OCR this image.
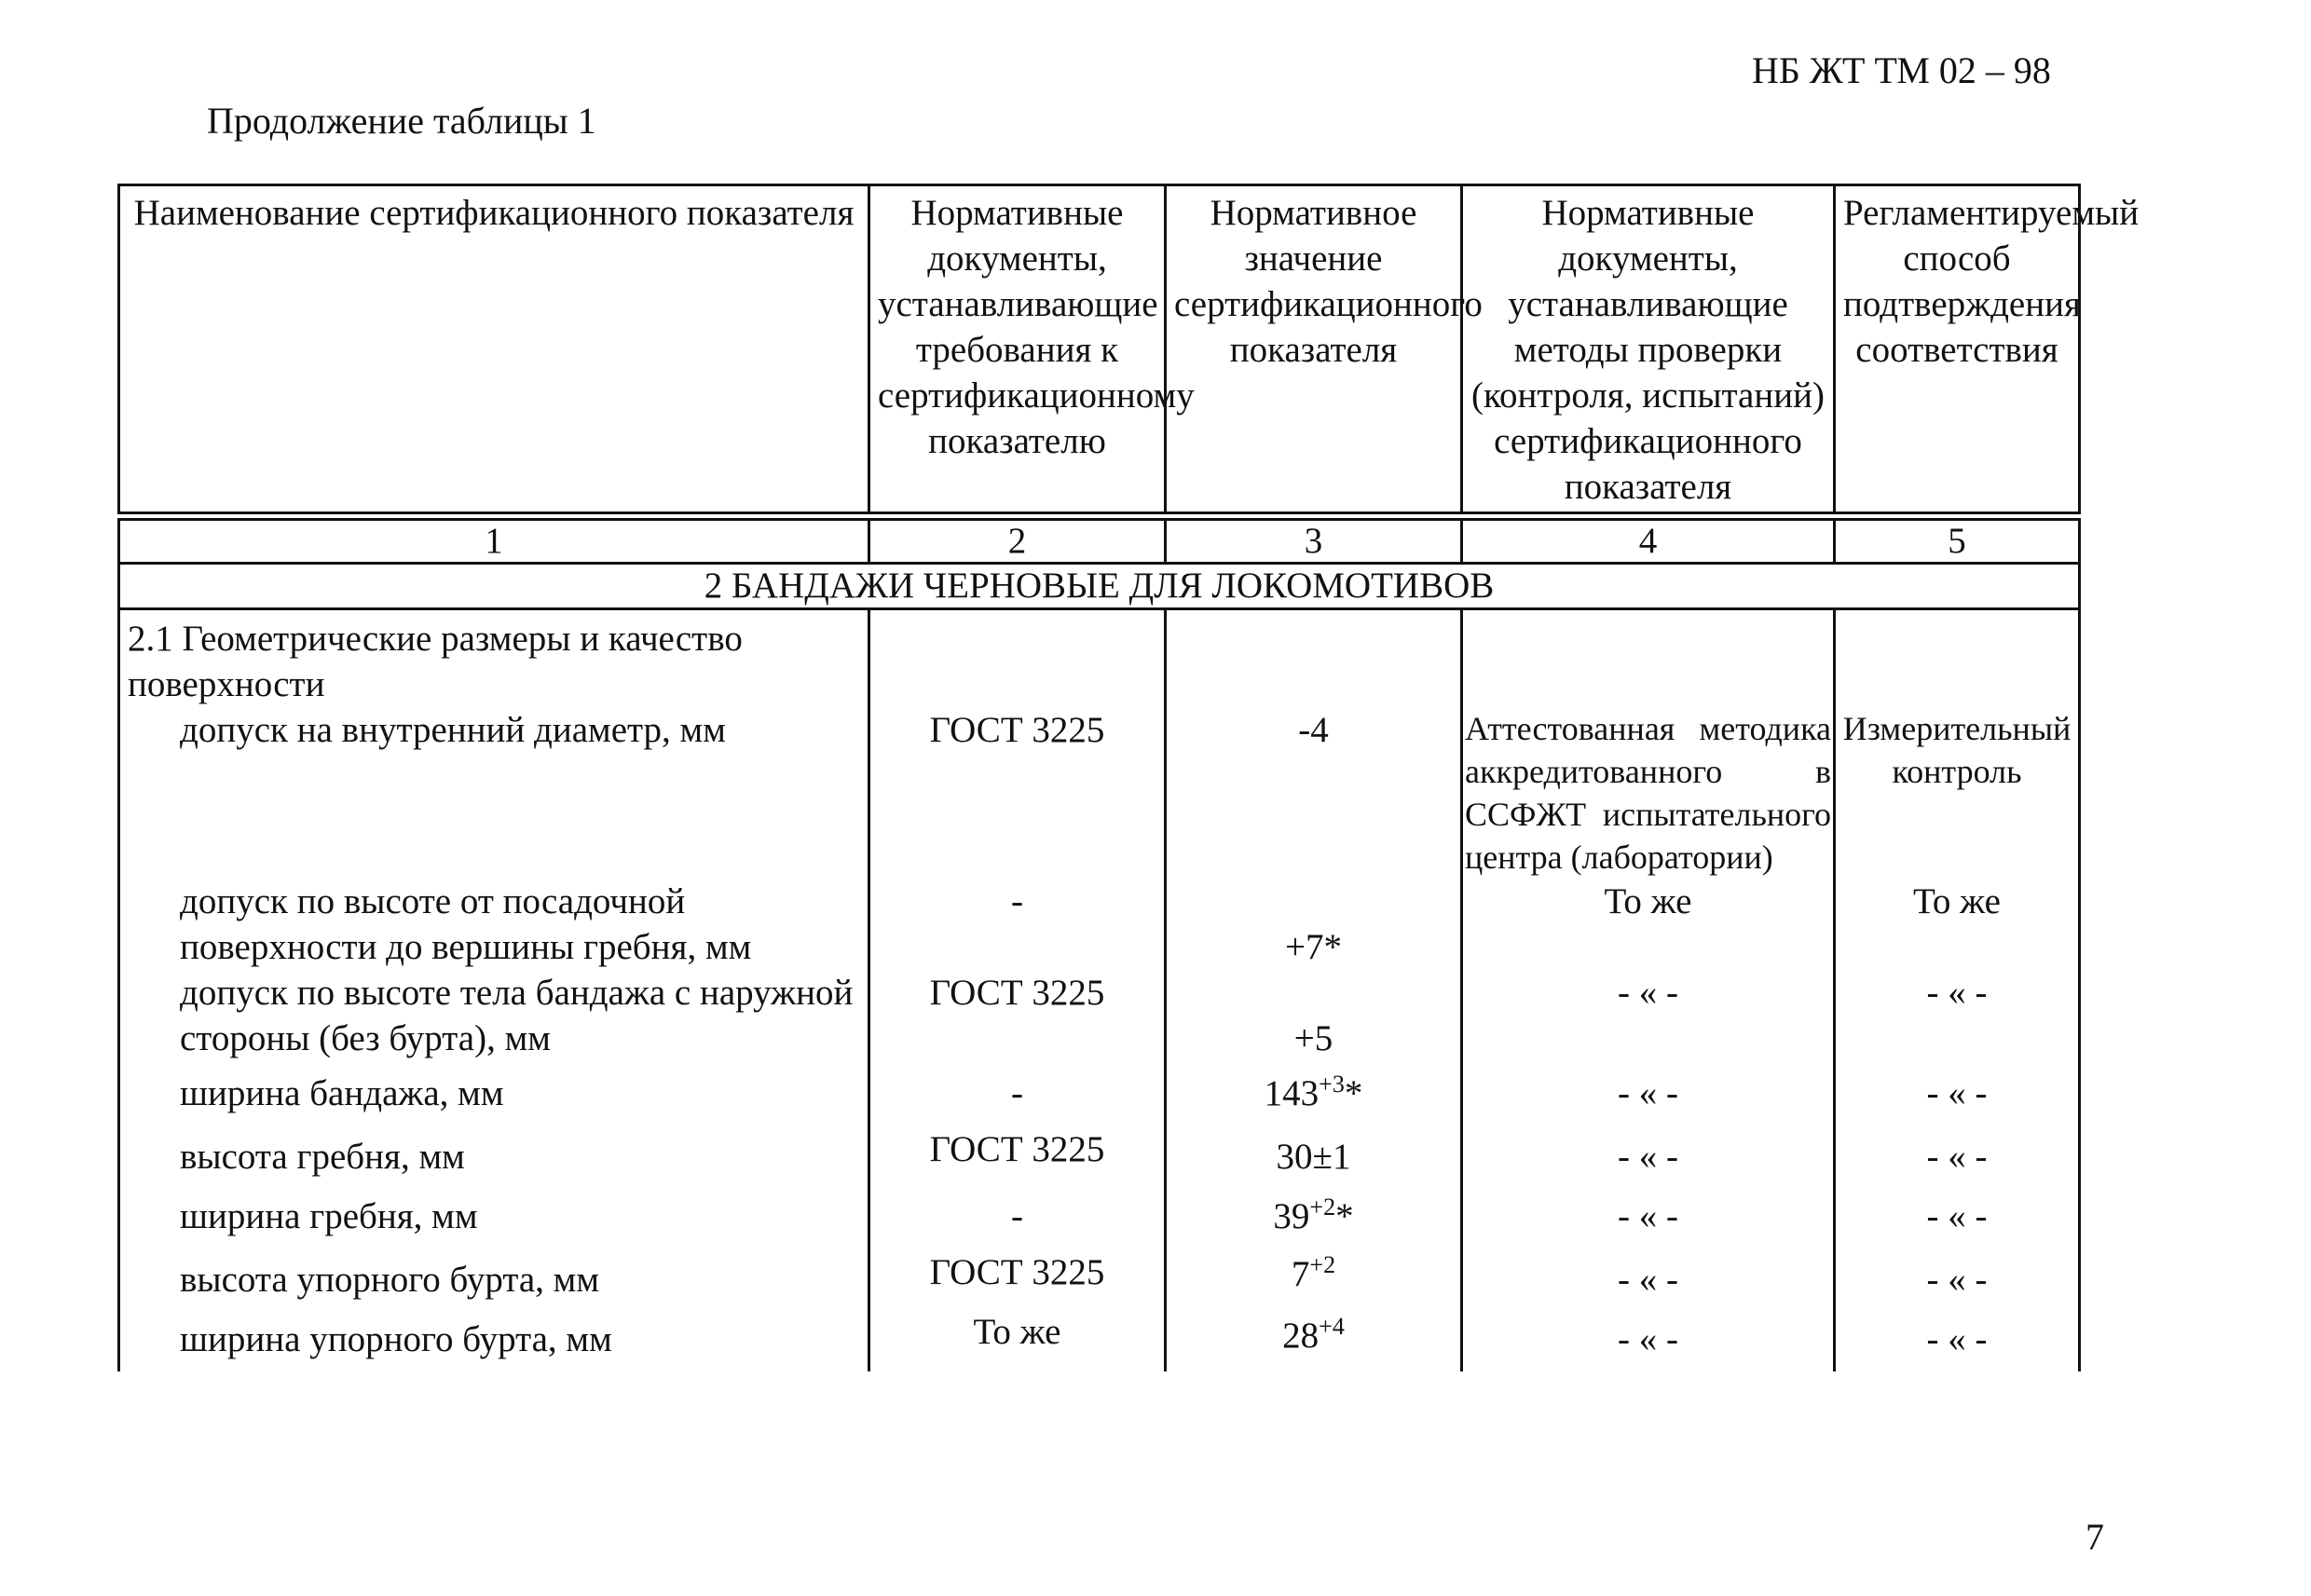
НБ ЖТ ТМ 02 – 98
Продолжение таблицы 1
Наименование сертификационного показателя	Нормативные документы, устанавливающие требования к сертификационному показателю	Нормативное значение сертификационного показателя	Нормативные документы, устанавливающие методы проверки (контроля, испытаний) сертификационного показателя	Регламентируемый способ подтверждения соответствия
1	2	3	4	5
2 БАНДАЖИ ЧЕРНОВЫЕ ДЛЯ ЛОКОМОТИВОВ				
2.1 Геометрические размеры и качество поверхности				

допуск на внутренний диаметр, мм	ГОСТ 3225	-4	Аттестованная методика аккредитованного в ССФЖТ испытательного центра (лаборатории)	Измерительный контроль

допуск по высоте от посадочной поверхности до вершины гребня, мм	-	+7*	То же	То же

допуск по высоте тела бандажа с наружной стороны (без бурта), мм	ГОСТ 3225	+5	- « -	- « -

ширина бандажа, мм	-	$143^{+3}*$	- « -	- « -

высота гребня, мм	ГОСТ 3225	30±1	- « -	- « -

ширина гребня, мм	-	$39^{+2}*$	- « -	- « -

высота упорного бурта, мм	ГОСТ 3225	$7^{+2}$	- « -	- « -

ширина упорного бурта, мм	То же	$28^{+4}$	- « -	- « -
7
